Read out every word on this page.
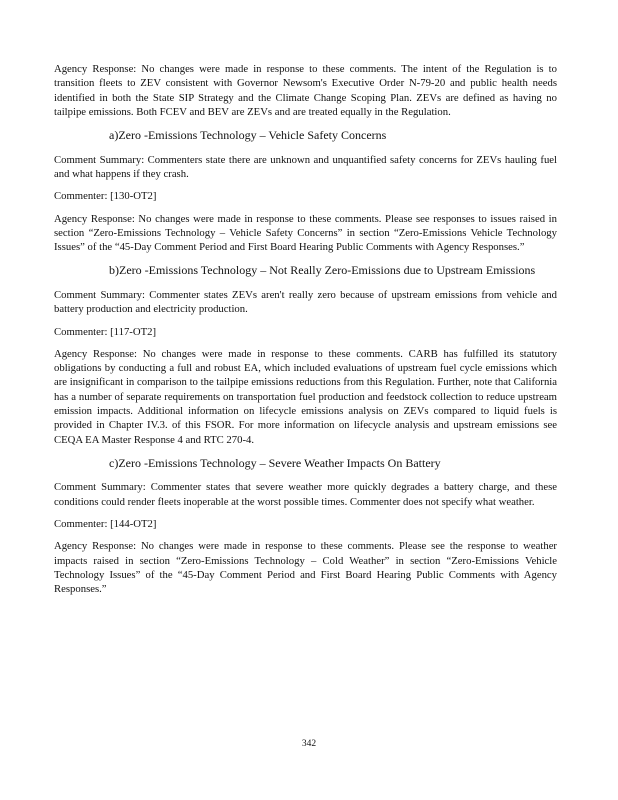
Agency Response: No changes were made in response to these comments. The intent of the Regulation is to transition fleets to ZEV consistent with Governor Newsom's Executive Order N-79-20 and public health needs identified in both the State SIP Strategy and the Climate Change Scoping Plan. ZEVs are defined as having no tailpipe emissions. Both FCEV and BEV are ZEVs and are treated equally in the Regulation.

a)Zero -Emissions Technology – Vehicle Safety Concerns

Comment Summary: Commenters state there are unknown and unquantified safety concerns for ZEVs hauling fuel and what happens if they crash.

Commenter: [130-OT2]

Agency Response: No changes were made in response to these comments. Please see responses to issues raised in section “Zero-Emissions Technology – Vehicle Safety Concerns” in section “Zero-Emissions Vehicle Technology Issues” of the “45-Day Comment Period and First Board Hearing Public Comments with Agency Responses.”

b)Zero -Emissions Technology – Not Really Zero-Emissions due to Upstream Emissions

Comment Summary: Commenter states ZEVs aren't really zero because of upstream emissions from vehicle and battery production and electricity production.

Commenter: [117-OT2]

Agency Response: No changes were made in response to these comments. CARB has fulfilled its statutory obligations by conducting a full and robust EA, which included evaluations of upstream fuel cycle emissions which are insignificant in comparison to the tailpipe emissions reductions from this Regulation. Further, note that California has a number of separate requirements on transportation fuel production and feedstock collection to reduce upstream emission impacts. Additional information on lifecycle emissions analysis on ZEVs compared to liquid fuels is provided in Chapter IV.3. of this FSOR. For more information on lifecycle analysis and upstream emissions see CEQA EA Master Response 4 and RTC 270-4.

c)Zero -Emissions Technology – Severe Weather Impacts On Battery

Comment Summary: Commenter states that severe weather more quickly degrades a battery charge, and these conditions could render fleets inoperable at the worst possible times. Commenter does not specify what weather.

Commenter: [144-OT2]

Agency Response: No changes were made in response to these comments. Please see the response to weather impacts raised in section “Zero-Emissions Technology – Cold Weather” in section “Zero-Emissions Vehicle Technology Issues” of the “45-Day Comment Period and First Board Hearing Public Comments with Agency Responses.”

342
